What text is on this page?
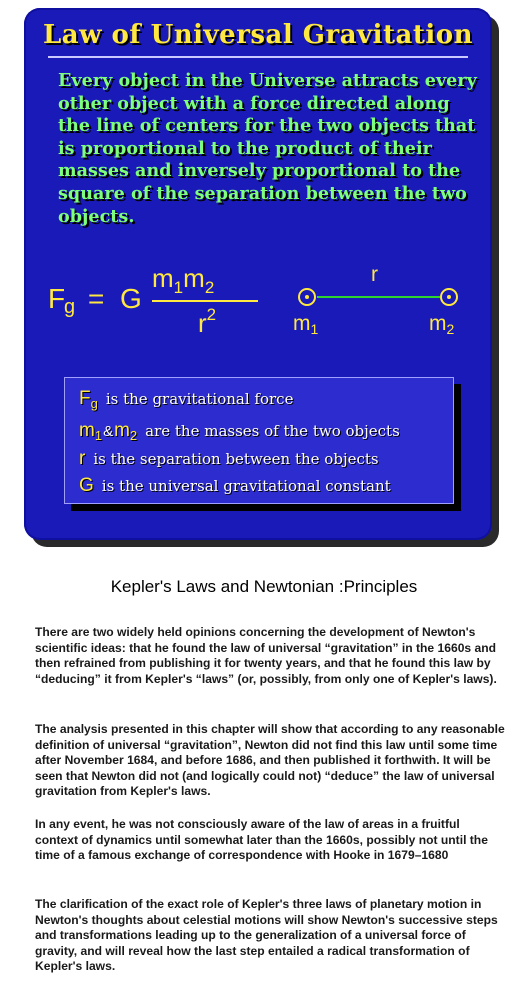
Law of Universal Gravitation
Every object in the Universe attracts every other object with a force directed along the line of centers for the two objects that is proportional to the product of their masses and inversely proportional to the square of the separation between the two objects.
F
g = G
$m_1m_2$
$r^2$
r
$m_1$	$m_2$
$F_g$ is the gravitational force
$m_1\&m_2$ are the masses of the two objects
r is the separation between the objects
G is the universal gravitational constant
Kepler's Laws and Newtonian :Principles
There are two widely held opinions concerning the development of Newton's scientific ideas: that he found the law of universal “gravitation” in the 1660s and then refrained from publishing it for twenty years, and that he found this law by “deducing” it from Kepler's “laws” (or, possibly, from only one of Kepler's laws).
The analysis presented in this chapter will show that according to any reasonable definition of universal “gravitation”, Newton did not find this law until some time after November 1684, and before 1686, and then published it forthwith. It will be seen that Newton did not (and logically could not) “deduce” the law of universal gravitation from Kepler's laws.
In any event, he was not consciously aware of the law of areas in a fruitful context of dynamics until somewhat later than the 1660s, possibly not until the time of a famous exchange of correspondence with Hooke in 1679–1680
The clarification of the exact role of Kepler's three laws of planetary motion in Newton's thoughts about celestial motions will show Newton's successive steps and transformations leading up to the generalization of a universal force of gravity, and will reveal how the last step entailed a radical transformation of Kepler's laws.
